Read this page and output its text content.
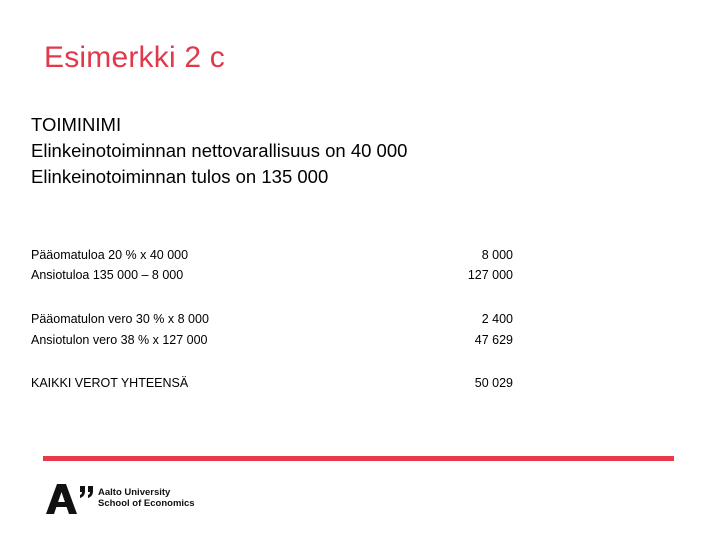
Esimerkki 2 c
TOIMINIMI
Elinkeinotoiminnan nettovarallisuus on 40 000
Elinkeinotoiminnan tulos on 135 000
Pääomatuloa 20 % x 40 000	8 000
Ansiotuloa 135 000 – 8 000	127 000
Pääomatulon vero 30 % x 8 000	2 400
Ansiotulon vero 38 % x 127 000	47 629
KAIKKI VEROT YHTEENSÄ	50 029
Aalto University
School of Economics
